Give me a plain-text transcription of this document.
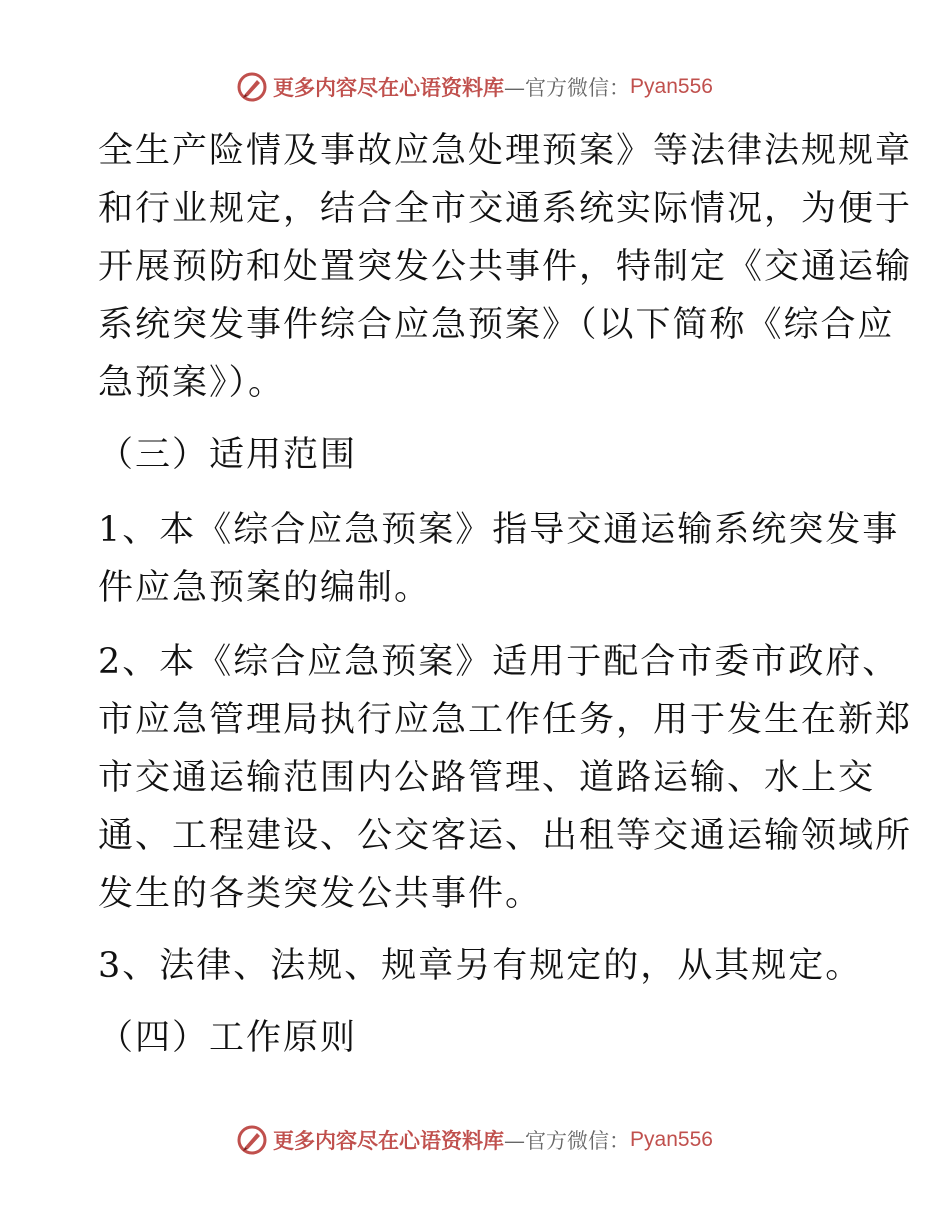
更多内容尽在心语资料库 —官方微信： Pyan556
全生产险情及事故应急处理预案》等法律法规规章
和行业规定，结合全市交通系统实际情况，为便于
开展预防和处置突发公共事件，特制定《交通运输
系统突发事件综合应急预案》（以下简称《综合应
急预案》）。
（三）适用范围
1、本《综合应急预案》指导交通运输系统突发事
件应急预案的编制。
2、本《综合应急预案》适用于配合市委市政府、
市应急管理局执行应急工作任务，用于发生在新郑
市交通运输范围内公路管理、道路运输、水上交
通、工程建设、公交客运、出租等交通运输领域所
发生的各类突发公共事件。
3、法律、法规、规章另有规定的，从其规定。
（四）工作原则
更多内容尽在心语资料库 —官方微信： Pyan556
